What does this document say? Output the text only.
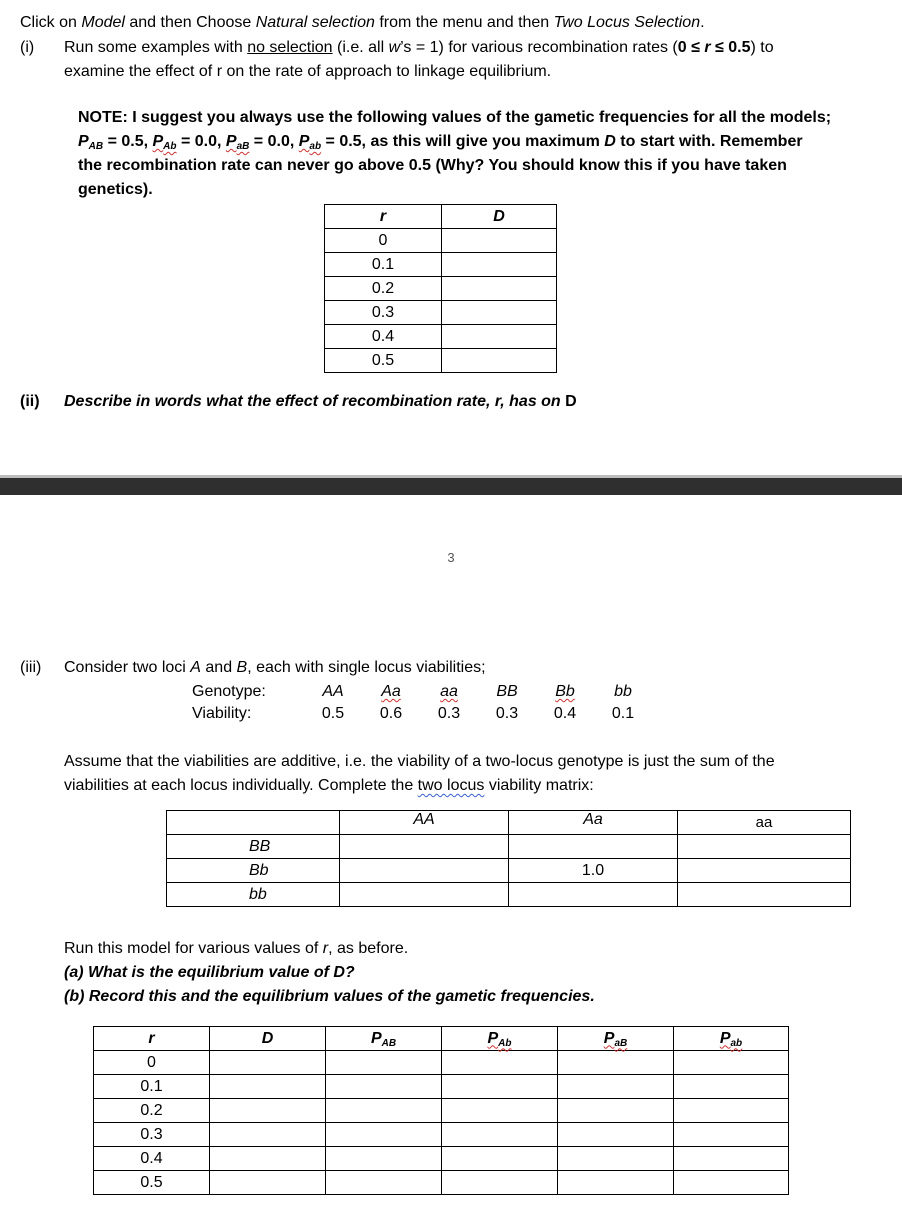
Click on Model and then Choose Natural selection from the menu and then Two Locus Selection.
(i) Run some examples with no selection (i.e. all w’s = 1) for various recombination rates (0 ≤ r ≤ 0.5) to
examine the effect of r on the rate of approach to linkage equilibrium.
NOTE: I suggest you always use the following values of the gametic frequencies for all the models;
$P_{AB} = 0.5$, $P_{Ab} = 0.0$, $P_{aB} = 0.0$, $P_{ab} = 0.5$, as this will give you maximum D to start with. Remember
the recombination rate can never go above 0.5 (Why? You should know this if you have taken
genetics).
r	D
0	
0.1	
0.2	
0.3	
0.4	
0.5	
(ii) Describe in words what the effect of recombination rate, r, has on D
3
(iii) Consider two loci A and B, each with single locus viabilities;
Genotype:	AA	Aa	aa	BB	Bb	bb
Viability:	0.5	0.6	0.3	0.3	0.4	0.1
Assume that the viabilities are additive, i.e. the viability of a two-locus genotype is just the sum of the
viabilities at each locus individually. Complete the two locus viability matrix:
	AA	Aa	aa
BB			
Bb		1.0	
bb			
Run this model for various values of r, as before.
(a) What is the equilibrium value of D?
(b) Record this and the equilibrium values of the gametic frequencies.
r	D	$P_{AB}$	$P_{Ab}$	$P_{aB}$	$P_{ab}$
0					
0.1					
0.2					
0.3					
0.4					
0.5					
